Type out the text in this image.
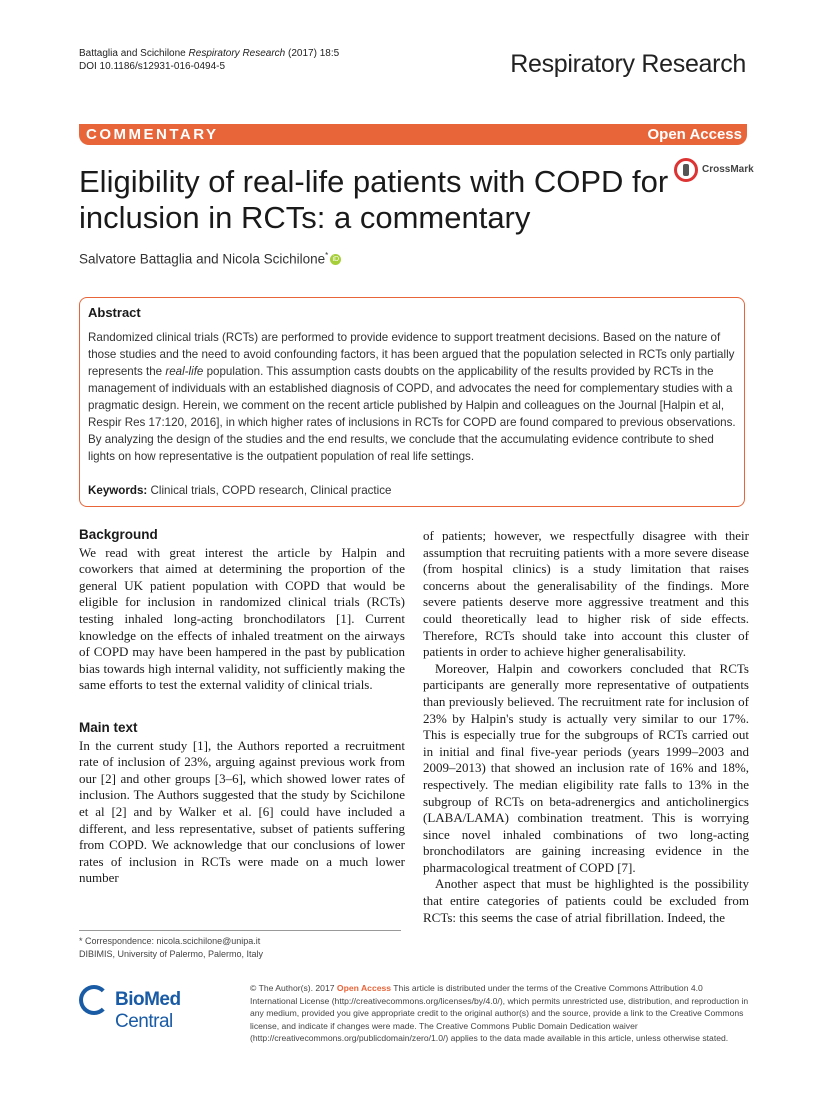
Battaglia and Scichilone Respiratory Research (2017) 18:5
DOI 10.1186/s12931-016-0494-5	Respiratory Research
COMMENTARY	Open Access
Eligibility of real-life patients with COPD for inclusion in RCTs: a commentary
CrossMark
Salvatore Battaglia and Nicola Scichilone* iD
Abstract
Randomized clinical trials (RCTs) are performed to provide evidence to support treatment decisions. Based on the nature of those studies and the need to avoid confounding factors, it has been argued that the population selected in RCTs only partially represents the real-life population. This assumption casts doubts on the applicability of the results provided by RCTs in the management of individuals with an established diagnosis of COPD, and advocates the need for complementary studies with a pragmatic design. Herein, we comment on the recent article published by Halpin and colleagues on the Journal [Halpin et al, Respir Res 17:120, 2016], in which higher rates of inclusions in RCTs for COPD are found compared to previous observations. By analyzing the design of the studies and the end results, we conclude that the accumulating evidence contribute to shed lights on how representative is the outpatient population of real life settings.
Keywords: Clinical trials, COPD research, Clinical practice
Background

We read with great interest the article by Halpin and coworkers that aimed at determining the proportion of the general UK patient population with COPD that would be eligible for inclusion in randomized clinical trials (RCTs) testing inhaled long-acting bronchodilators [1]. Current knowledge on the effects of inhaled treatment on the airways of COPD may have been hampered in the past by publication bias towards high internal validity, not sufficiently making the same efforts to test the external validity of clinical trials.

Main text

In the current study [1], the Authors reported a recruitment rate of inclusion of 23%, arguing against previous work from our [2] and other groups [3–6], which showed lower rates of inclusion. The Authors suggested that the study by Scichilone et al [2] and by Walker et al. [6] could have included a different, and less representative, subset of patients suffering from COPD. We acknowledge that our conclusions of lower rates of inclusion in RCTs were made on a much lower number

of patients; however, we respectfully disagree with their assumption that recruiting patients with a more severe disease (from hospital clinics) is a study limitation that raises concerns about the generalisability of the findings. More severe patients deserve more aggressive treatment and this could theoretically lead to higher risk of side effects. Therefore, RCTs should take into account this cluster of patients in order to achieve higher generalisability.

Moreover, Halpin and coworkers concluded that RCTs participants are generally more representative of outpatients than previously believed. The recruitment rate for inclusion of 23% by Halpin's study is actually very similar to our 17%. This is especially true for the subgroups of RCTs carried out in initial and final five-year periods (years 1999–2003 and 2009–2013) that showed an inclusion rate of 16% and 18%, respectively. The median eligibility rate falls to 13% in the subgroup of RCTs on beta-adrenergics and anticholinergics (LABA/LAMA) combination treatment. This is worrying since novel inhaled combinations of two long-acting bronchodilators are gaining increasing evidence in the pharmacological treatment of COPD [7].

Another aspect that must be highlighted is the possibility that entire categories of patients could be excluded from RCTs: this seems the case of atrial fibrillation. Indeed, the

* Correspondence: nicola.scichilone@unipa.it
DIBIMIS, University of Palermo, Palermo, Italy
BioMed Central
© The Author(s). 2017 Open Access This article is distributed under the terms of the Creative Commons Attribution 4.0 International License (http://creativecommons.org/licenses/by/4.0/), which permits unrestricted use, distribution, and reproduction in any medium, provided you give appropriate credit to the original author(s) and the source, provide a link to the Creative Commons license, and indicate if changes were made. The Creative Commons Public Domain Dedication waiver (http://creativecommons.org/publicdomain/zero/1.0/) applies to the data made available in this article, unless otherwise stated.
